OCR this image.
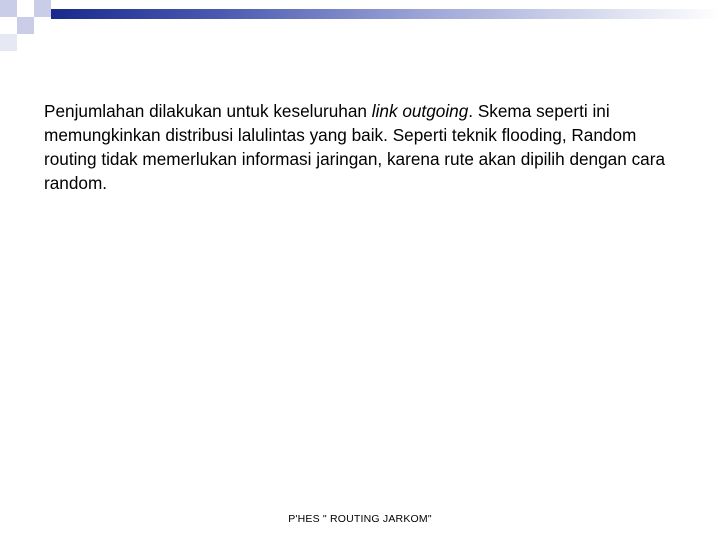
Penjumlahan dilakukan untuk keseluruhan link outgoing. Skema seperti ini memungkinkan distribusi lalulintas yang baik. Seperti teknik flooding, Random routing tidak memerlukan informasi jaringan, karena rute akan dipilih dengan cara random.

P'HES " ROUTING JARKOM"
